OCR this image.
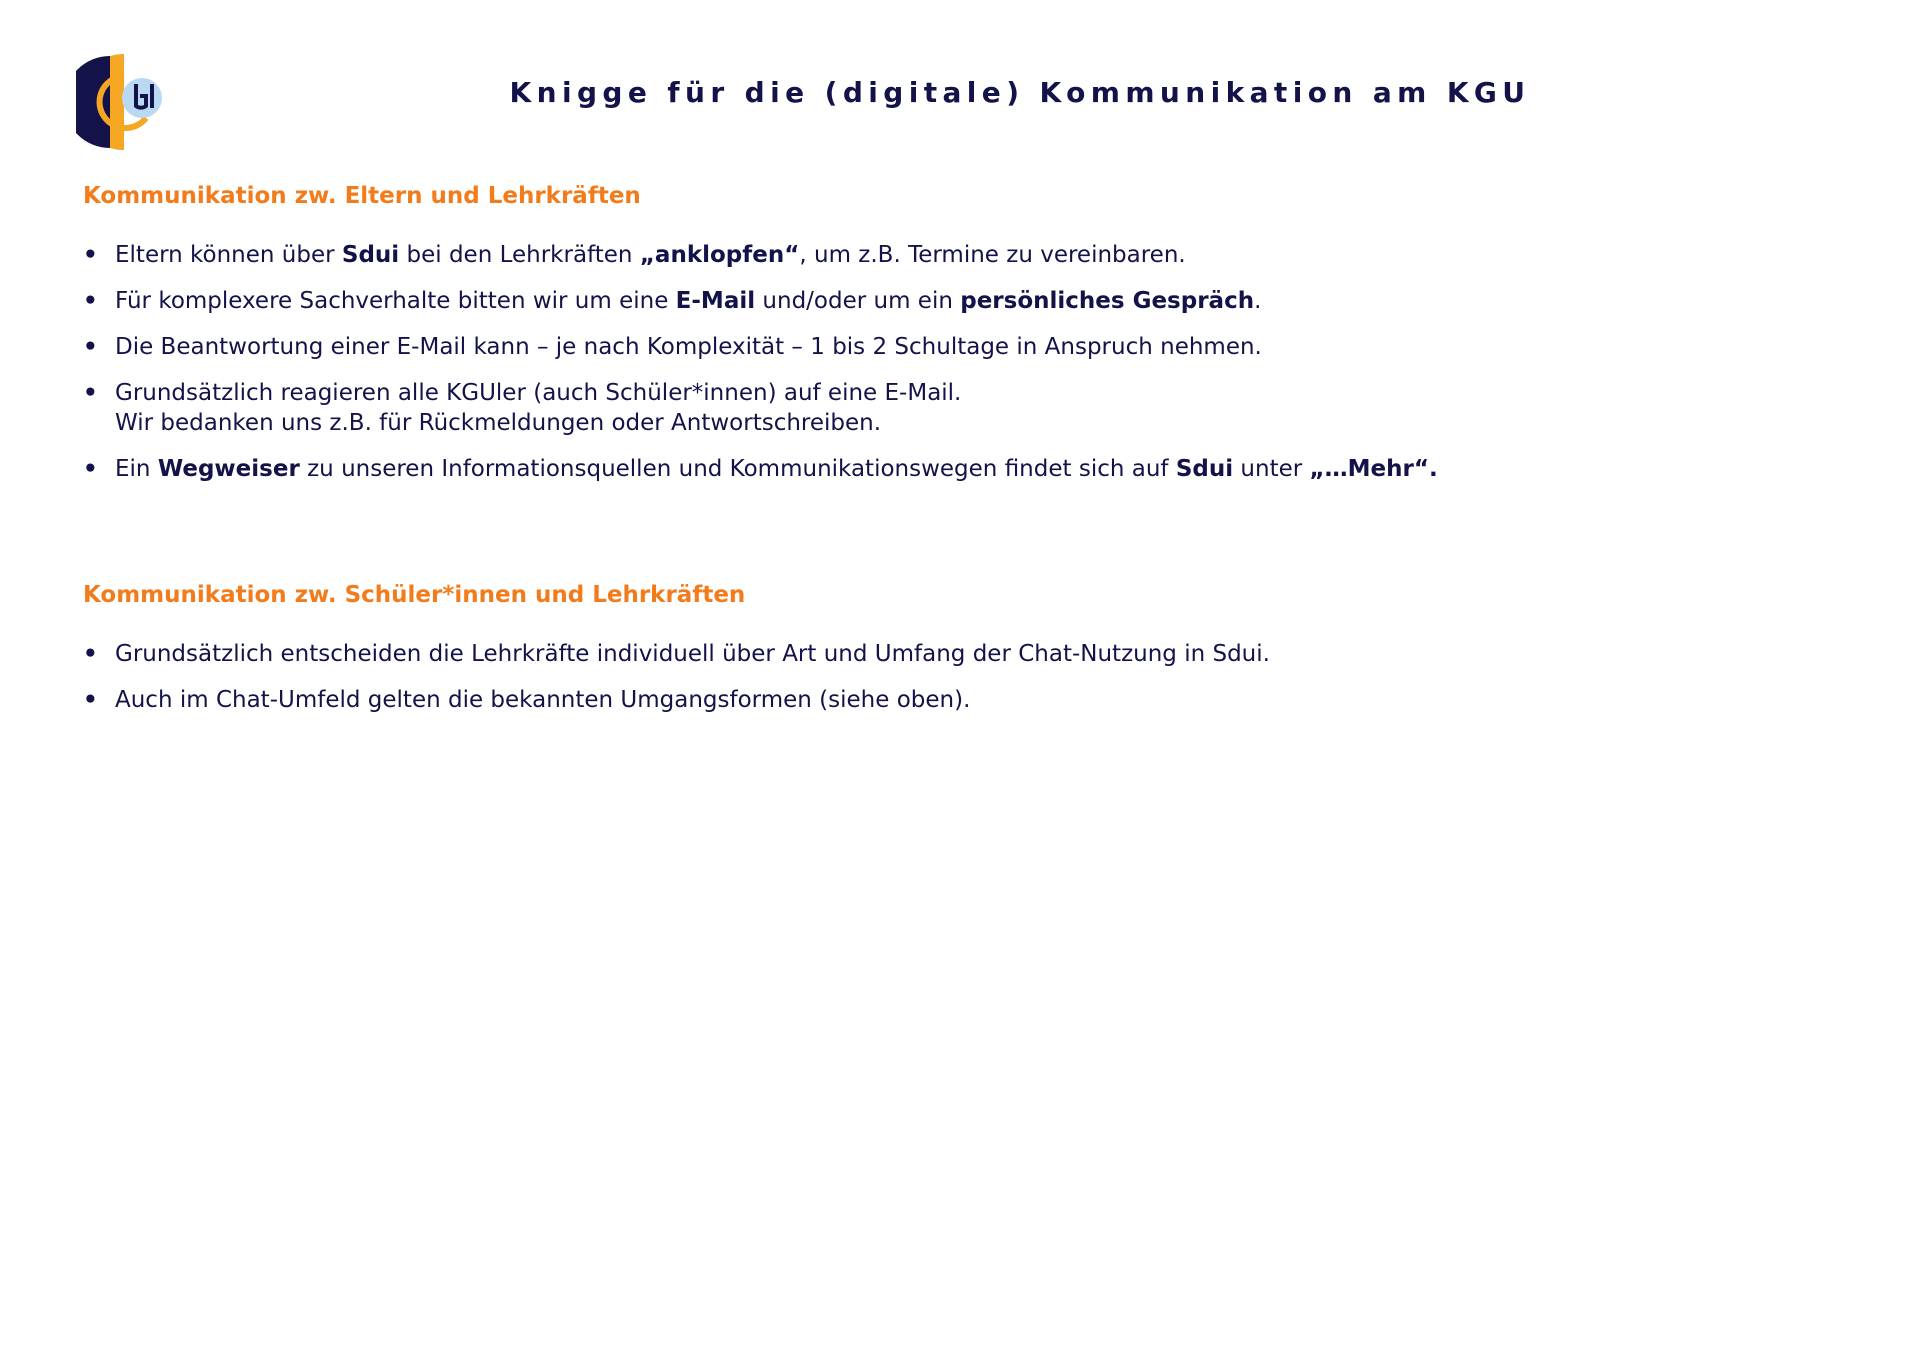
Knigge für die (digitale) Kommunikation am KGU
Kommunikation zw. Eltern und Lehrkräften
• Eltern können über Sdui bei den Lehrkräften „anklopfen“, um z.B. Termine zu vereinbaren.
• Für komplexere Sachverhalte bitten wir um eine E-Mail und/oder um ein persönliches Gespräch.
• Die Beantwortung einer E-Mail kann – je nach Komplexität – 1 bis 2 Schultage in Anspruch nehmen.
• Grundsätzlich reagieren alle KGUler (auch Schüler*innen) auf eine E-Mail.
Wir bedanken uns z.B. für Rückmeldungen oder Antwortschreiben.
• Ein Wegweiser zu unseren Informationsquellen und Kommunikationswegen findet sich auf Sdui unter „…Mehr“.
Kommunikation zw. Schüler*innen und Lehrkräften
• Grundsätzlich entscheiden die Lehrkräfte individuell über Art und Umfang der Chat-Nutzung in Sdui.
• Auch im Chat-Umfeld gelten die bekannten Umgangsformen (siehe oben).
